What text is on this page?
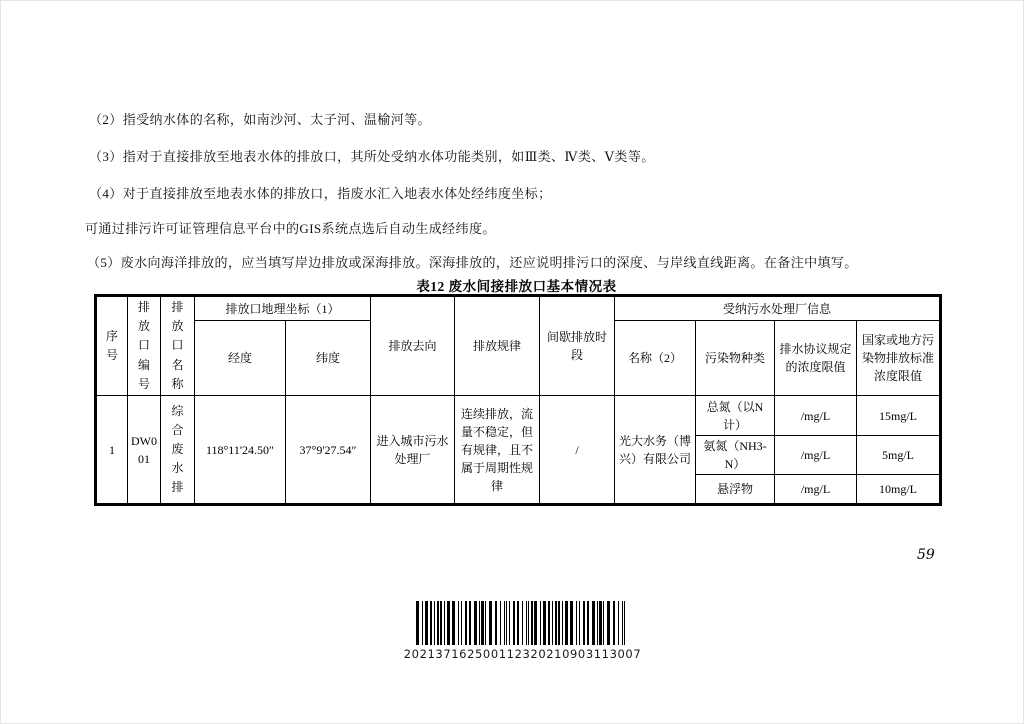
（2）指受纳水体的名称，如南沙河、太子河、温榆河等。
（3）指对于直接排放至地表水体的排放口，其所处受纳水体功能类别，如Ⅲ类、Ⅳ类、Ⅴ类等。
（4）对于直接排放至地表水体的排放口，指废水汇入地表水体处经纬度坐标；
可通过排污许可证管理信息平台中的GIS系统点选后自动生成经纬度。
（5）废水向海洋排放的，应当填写岸边排放或深海排放。深海排放的，还应说明排污口的深度、与岸线直线距离。在备注中填写。
表12 废水间接排放口基本情况表
序号	排放口编号	排放口名称	排放口地理坐标（1）		排放去向	排放规律	间歇排放时段	受纳污水处理厂信息			
			经度	纬度				名称（2）	污染物种类	排水协议规定的浓度限值	国家或地方污染物排放标准浓度限值
1	DW001	综合废水排	118°11'24.50″	37°9'27.54″	进入城市污水处理厂	连续排放，流量不稳定，但有规律，且不属于周期性规律	/	光大水务（博兴）有限公司	总氮（以N计）	/mg/L	15mg/L
									氨氮（NH3-N）	/mg/L	5mg/L
									悬浮物	/mg/L	10mg/L
59
202137162500112320210903113007
